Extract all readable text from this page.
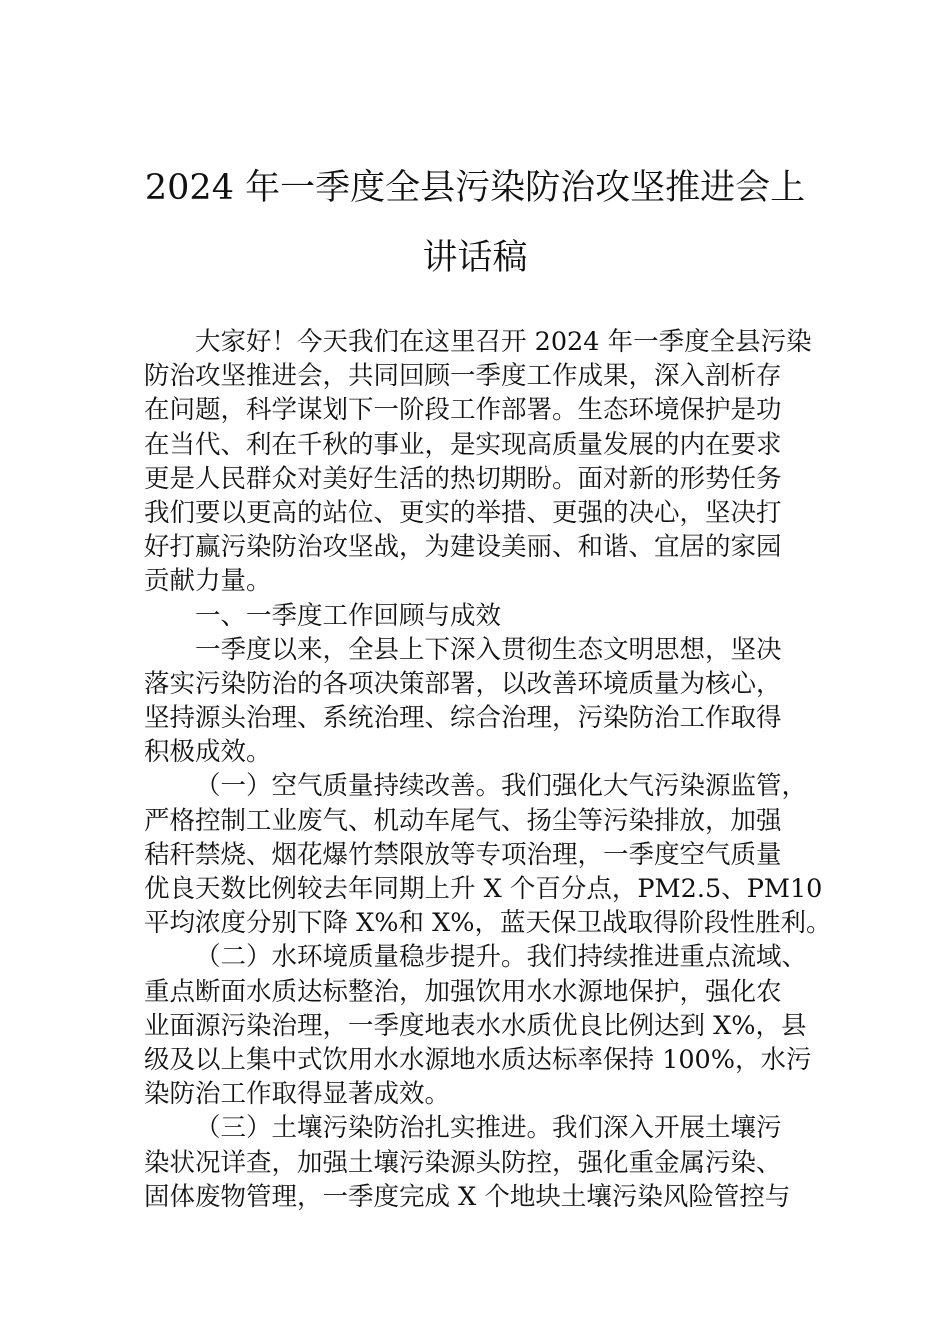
2024 年一季度全县污染防治攻坚推进会上
讲话稿
大家好！今天我们在这里召开 2024 年一季度全县污染
防治攻坚推进会，共同回顾一季度工作成果，深入剖析存
在问题，科学谋划下一阶段工作部署。生态环境保护是功
在当代、利在千秋的事业，是实现高质量发展的内在要求
更是人民群众对美好生活的热切期盼。面对新的形势任务
我们要以更高的站位、更实的举措、更强的决心，坚决打
好打赢污染防治攻坚战，为建设美丽、和谐、宜居的家园
贡献力量。
一、一季度工作回顾与成效
一季度以来，全县上下深入贯彻生态文明思想，坚决
落实污染防治的各项决策部署，以改善环境质量为核心，
坚持源头治理、系统治理、综合治理，污染防治工作取得
积极成效。
（一）空气质量持续改善。我们强化大气污染源监管，
严格控制工业废气、机动车尾气、扬尘等污染排放，加强
秸秆禁烧、烟花爆竹禁限放等专项治理，一季度空气质量
优良天数比例较去年同期上升 X 个百分点，PM2.5、PM10
平均浓度分别下降 X%和 X%，蓝天保卫战取得阶段性胜利。
（二）水环境质量稳步提升。我们持续推进重点流域、
重点断面水质达标整治，加强饮用水水源地保护，强化农
业面源污染治理，一季度地表水水质优良比例达到 X%，县
级及以上集中式饮用水水源地水质达标率保持 100%，水污
染防治工作取得显著成效。
（三）土壤污染防治扎实推进。我们深入开展土壤污
染状况详查，加强土壤污染源头防控，强化重金属污染、
固体废物管理，一季度完成 X 个地块土壤污染风险管控与
